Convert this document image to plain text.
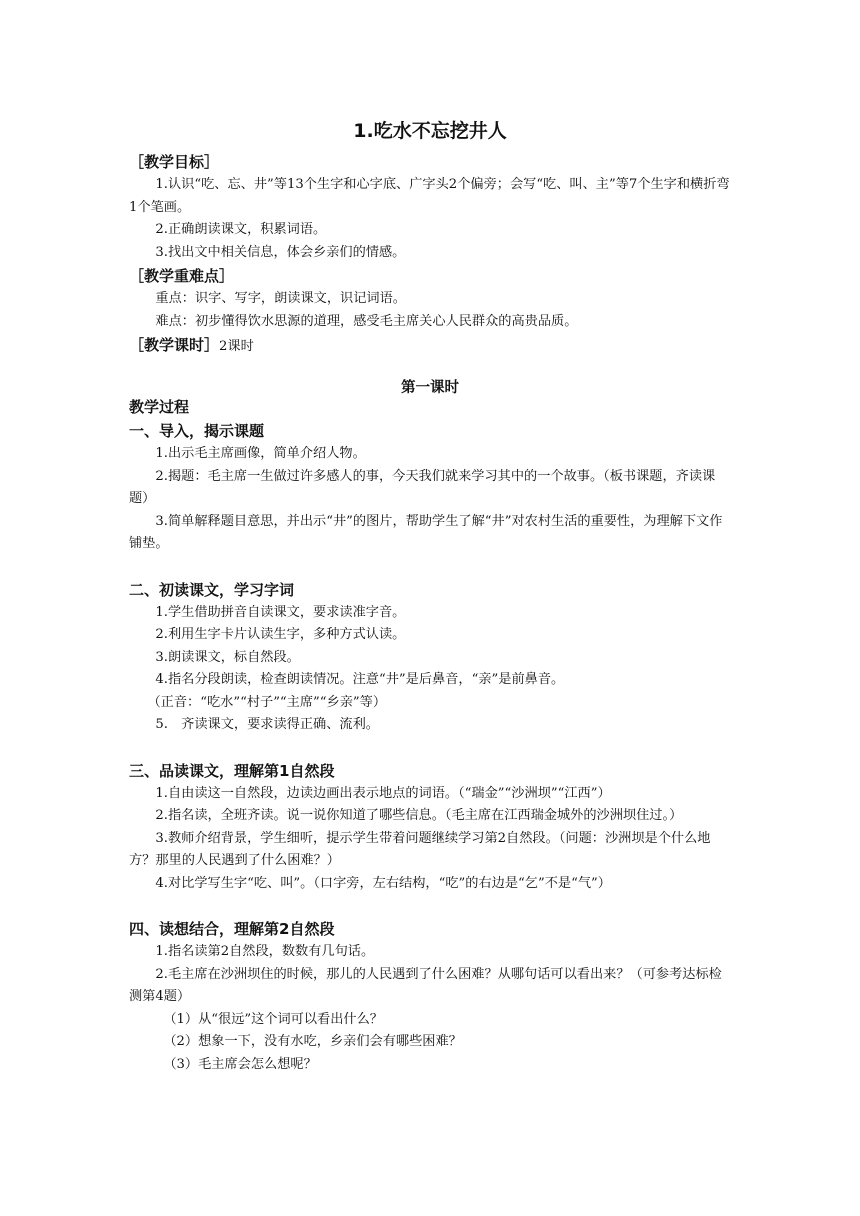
1.吃水不忘挖井人
［教学目标］

1.认识“吃、忘、井”等13个生字和心字底、广字头2个偏旁；会写“吃、叫、主”等7个生字和横折弯1个笔画。

2.正确朗读课文，积累词语。

3.找出文中相关信息，体会乡亲们的情感。

［教学重难点］

重点：识字、写字，朗读课文，识记词语。

难点：初步懂得饮水思源的道理，感受毛主席关心人民群众的高贵品质。

［教学课时］2课时
教学过程
一、导入，揭示课题

1.出示毛主席画像，简单介绍人物。

2.揭题：毛主席一生做过许多感人的事，今天我们就来学习其中的一个故事。（板书课题，齐读课题）

3.简单解释题目意思，并出示“井”的图片，帮助学生了解“井”对农村生活的重要性，为理解下文作铺垫。

二、初读课文，学习字词

1.学生借助拼音自读课文，要求读准字音。

2.利用生字卡片认读生字，多种方式认读。

3.朗读课文，标自然段。

4.指名分段朗读，检查朗读情况。注意“井”是后鼻音，“亲”是前鼻音。

（正音：“吃水”“村子”“主席”“乡亲”等）

5.　齐读课文，要求读得正确、流利。

三、品读课文，理解第1自然段

1.自由读这一自然段，边读边画出表示地点的词语。（“瑞金”“沙洲坝”“江西”）

2.指名读，全班齐读。说一说你知道了哪些信息。（毛主席在江西瑞金城外的沙洲坝住过。）

3.教师介绍背景，学生细听，提示学生带着问题继续学习第2自然段。（问题：沙洲坝是个什么地方？那里的人民遇到了什么困难？）

4.对比学写生字“吃、叫”。（口字旁，左右结构，“吃”的右边是“乞”不是“气”）

四、读想结合，理解第2自然段

1.指名读第2自然段，数数有几句话。

2.毛主席在沙洲坝住的时候，那儿的人民遇到了什么困难？从哪句话可以看出来？（可参考达标检测第4题）

（1）从“很远”这个词可以看出什么？

（2）想象一下，没有水吃，乡亲们会有哪些困难？

（3）毛主席会怎么想呢？

第一课时
